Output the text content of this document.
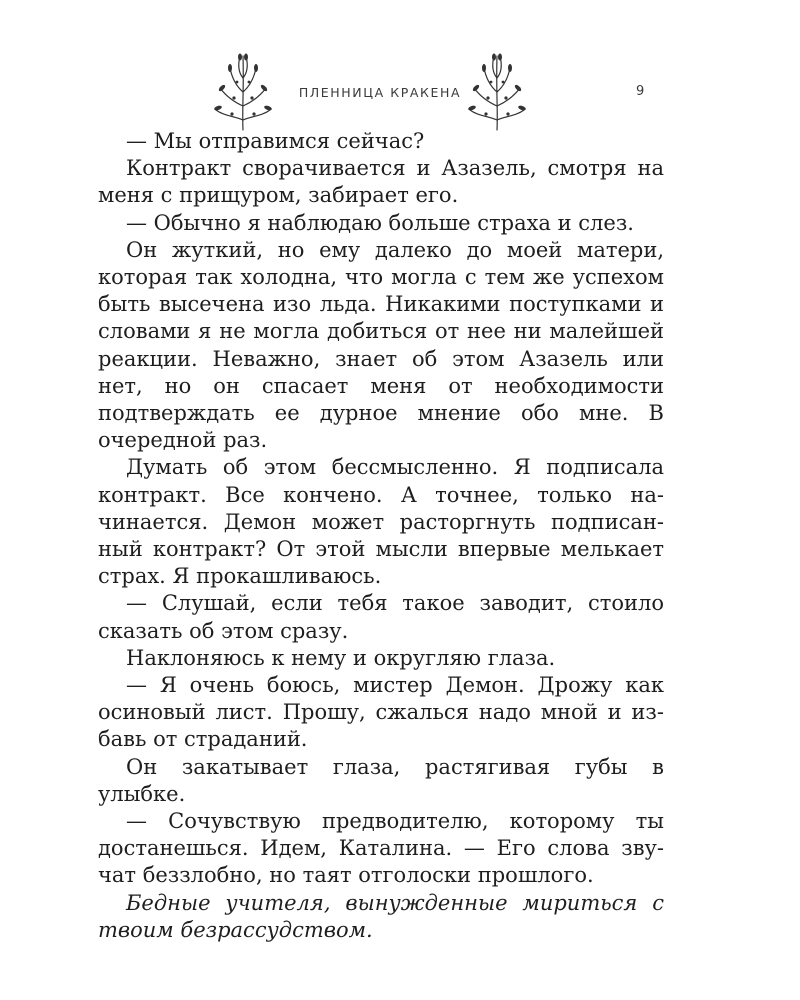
ПЛЕННИЦА КРАКЕНА	9

— Мы отправимся сейчас?

Контракт сворачивается и Азазель, смотря на меня с прищуром, забирает его.

— Обычно я наблюдаю больше страха и слез.

Он жуткий, но ему далеко до моей матери, которая так холодна, что могла с тем же успехом быть высечена изо льда. Никакими поступками и словами я не могла добиться от нее ни малейшей реакции. Неважно, знает об этом Азазель или нет, но он спасает меня от необходимости подтверждать ее дурное мнение обо мне. В очередной раз.

Думать об этом бессмысленно. Я подписала контракт. Все кончено. А точнее, только начинается. Демон может расторгнуть подписанный контракт? От этой мысли впервые мелькает страх. Я прокашливаюсь.

— Слушай, если тебя такое заводит, стоило сказать об этом сразу.

Наклоняюсь к нему и округляю глаза.

— Я очень боюсь, мистер Демон. Дрожу как осиновый лист. Прошу, сжалься надо мной и избавь от страданий.

Он закатывает глаза, растягивая губы в улыбке.

— Сочувствую предводителю, которому ты достанешься. Идем, Каталина. — Его слова звучат беззлобно, но таят отголоски прошлого.

Бедные учителя, вынужденные мириться с твоим безрассудством.
